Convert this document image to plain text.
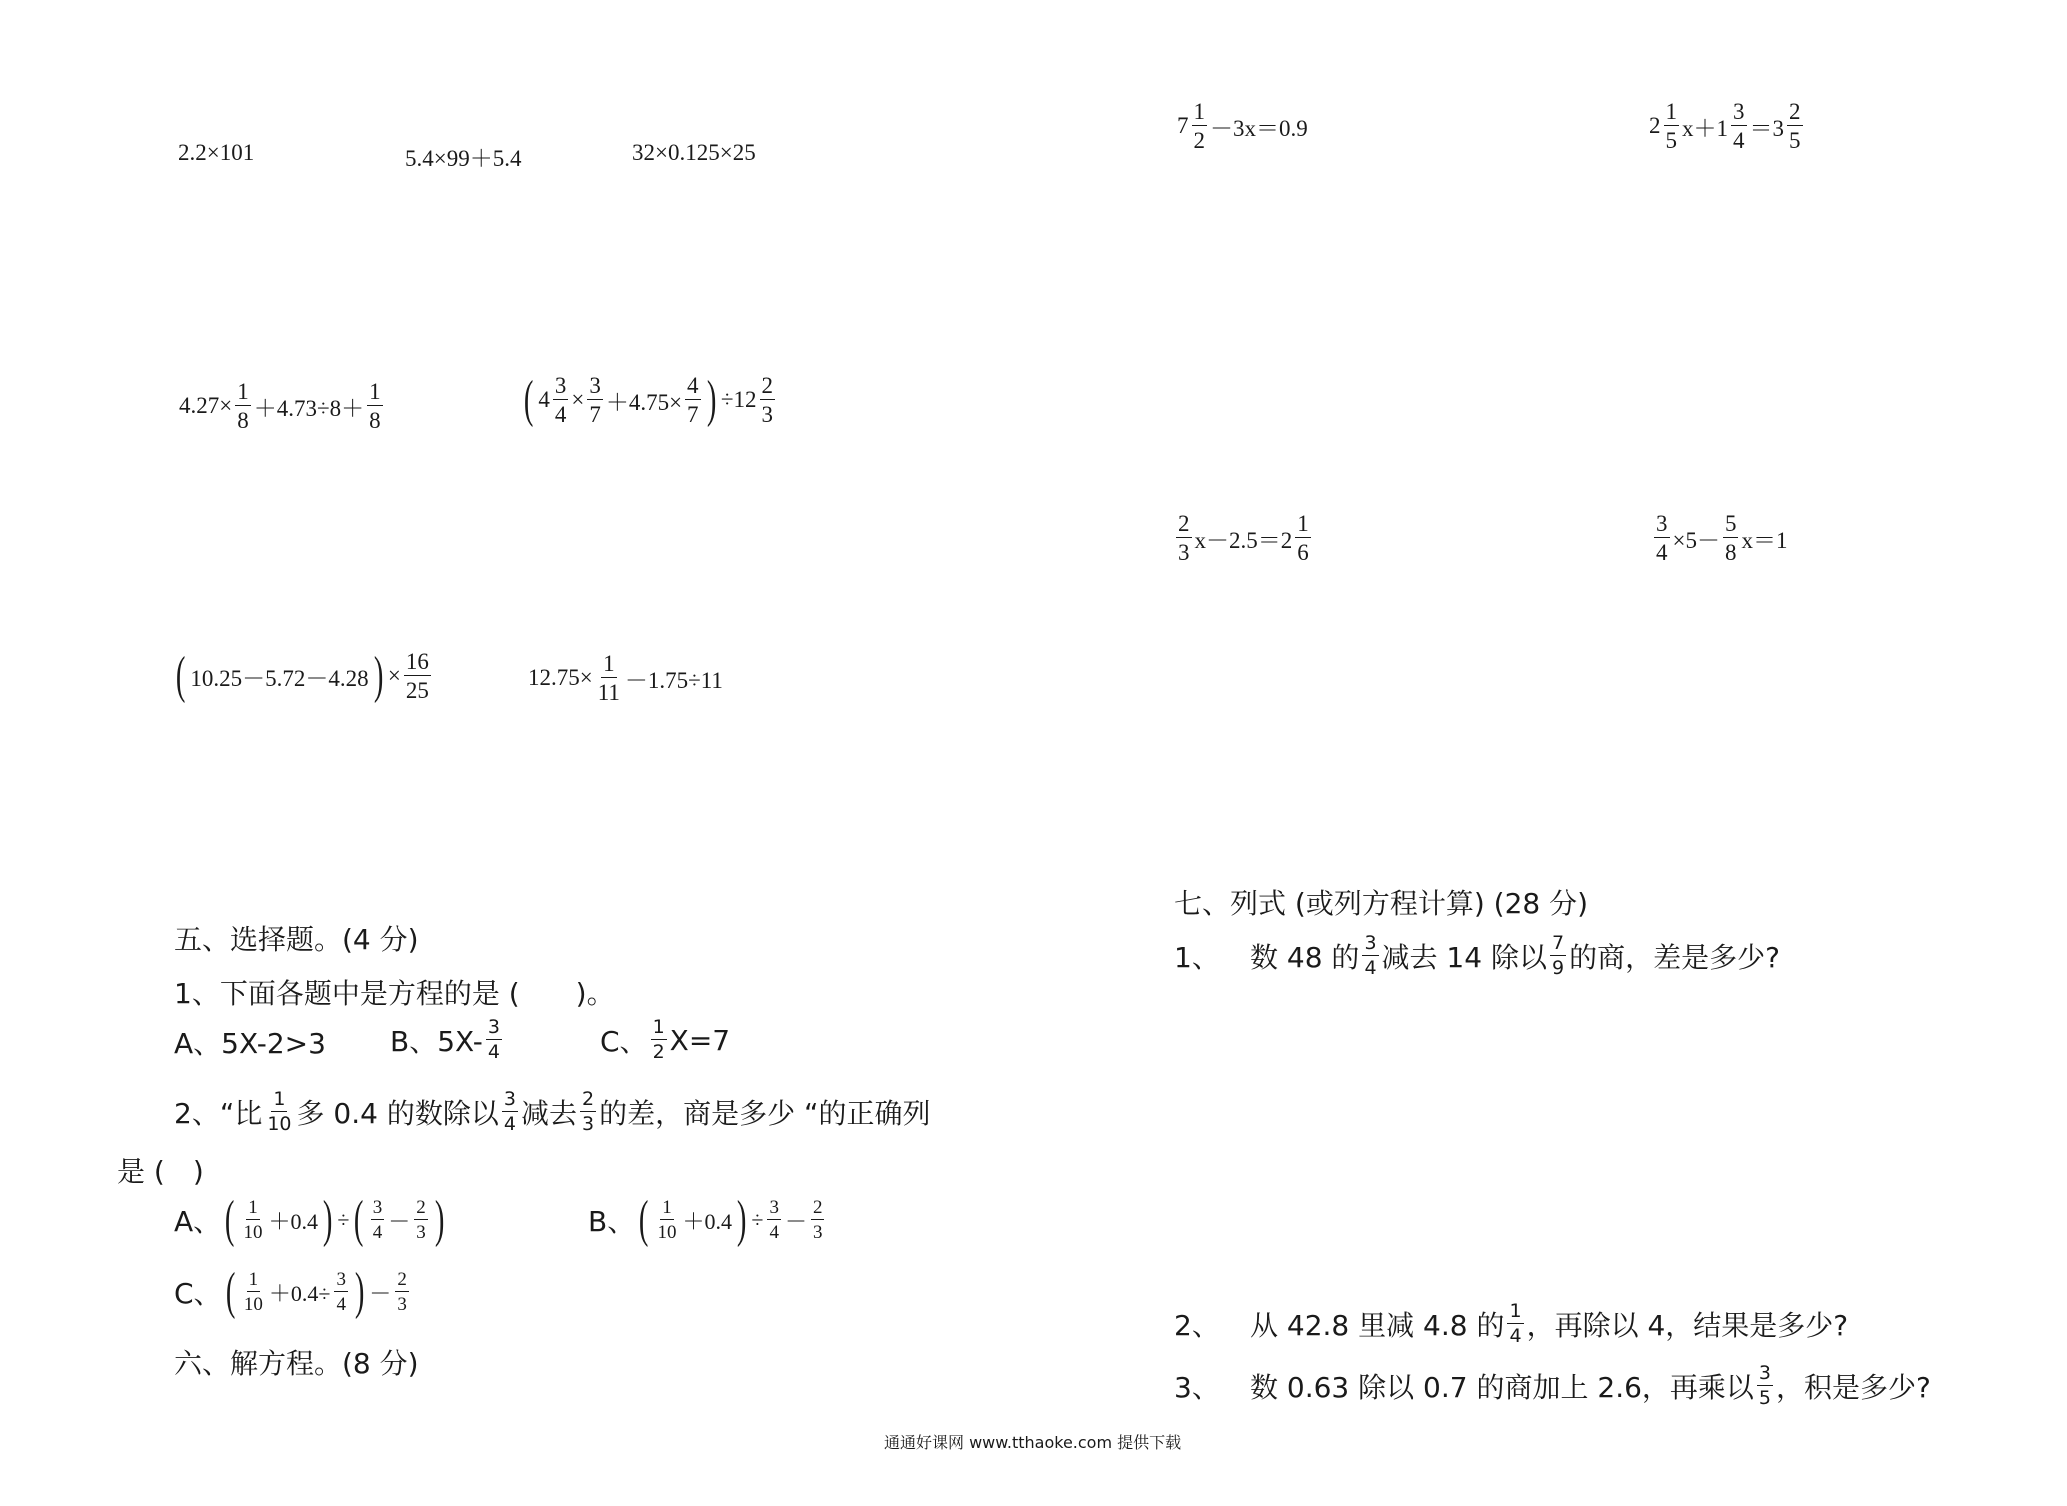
2.2×101	5.4×99＋5.4	32×0.125×25
$4.27\times \frac{1}{8} +4.73\div 8+ \frac{1}{8}$	( $4 \frac{3}{4} \times \frac{3}{7} +4.75\times \frac{4}{7}$ ) $\div 12 \frac{2}{3}$
( 10.25－5.72－4.28 ) × $\frac{16}{25}$	$12.75\times \frac{1}{11} -1.75\div 11$
五、选择题。(4 分)
1、下面各题中是方程的是 (　　)。
A、5X-2>3 B、$5X- \frac{3}{4}$	C、 $\frac{1}{2} X=7$
2、“比 $\frac{1}{10}$ 多 0.4 的数除以 $\frac{3}{4}$ 减去 $\frac{2}{3}$ 的差，商是多少 “的正确列
是 (　)
A、 ( $\frac{1}{10} +0.4$ ) ÷ ( $\frac{3}{4} - \frac{2}{3}$ )	B、 ( $\frac{1}{10} +0.4$ ) ÷ $\frac{3}{4} - \frac{2}{3}$
C、 ( $\frac{1}{10} +0.4\div \frac{3}{4}$ ) － $\frac{2}{3}$
六、解方程。(8 分)
$7 \frac{1}{2} -3x=0.9$	$2 \frac{1}{5} x+1 \frac{3}{4} =3 \frac{2}{5}$
$\frac{2}{3} x-2.5=2 \frac{1}{6}$	$\frac{3}{4} \times 5- \frac{5}{8} x=1$
七、列式 (或列方程计算) (28 分)
1、	数 48 的 $\frac{3}{4}$ 减去 14 除以 $\frac{7}{9}$ 的商，差是多少?
2、	从 42.8 里减 4.8 的 $\frac{1}{4}$ ，再除以 4，结果是多少?
3、	数 0.63 除以 0.7 的商加上 2.6，再乘以 $\frac{3}{5}$ ，积是多少?
通通好课网 www.tthaoke.com 提供下载
